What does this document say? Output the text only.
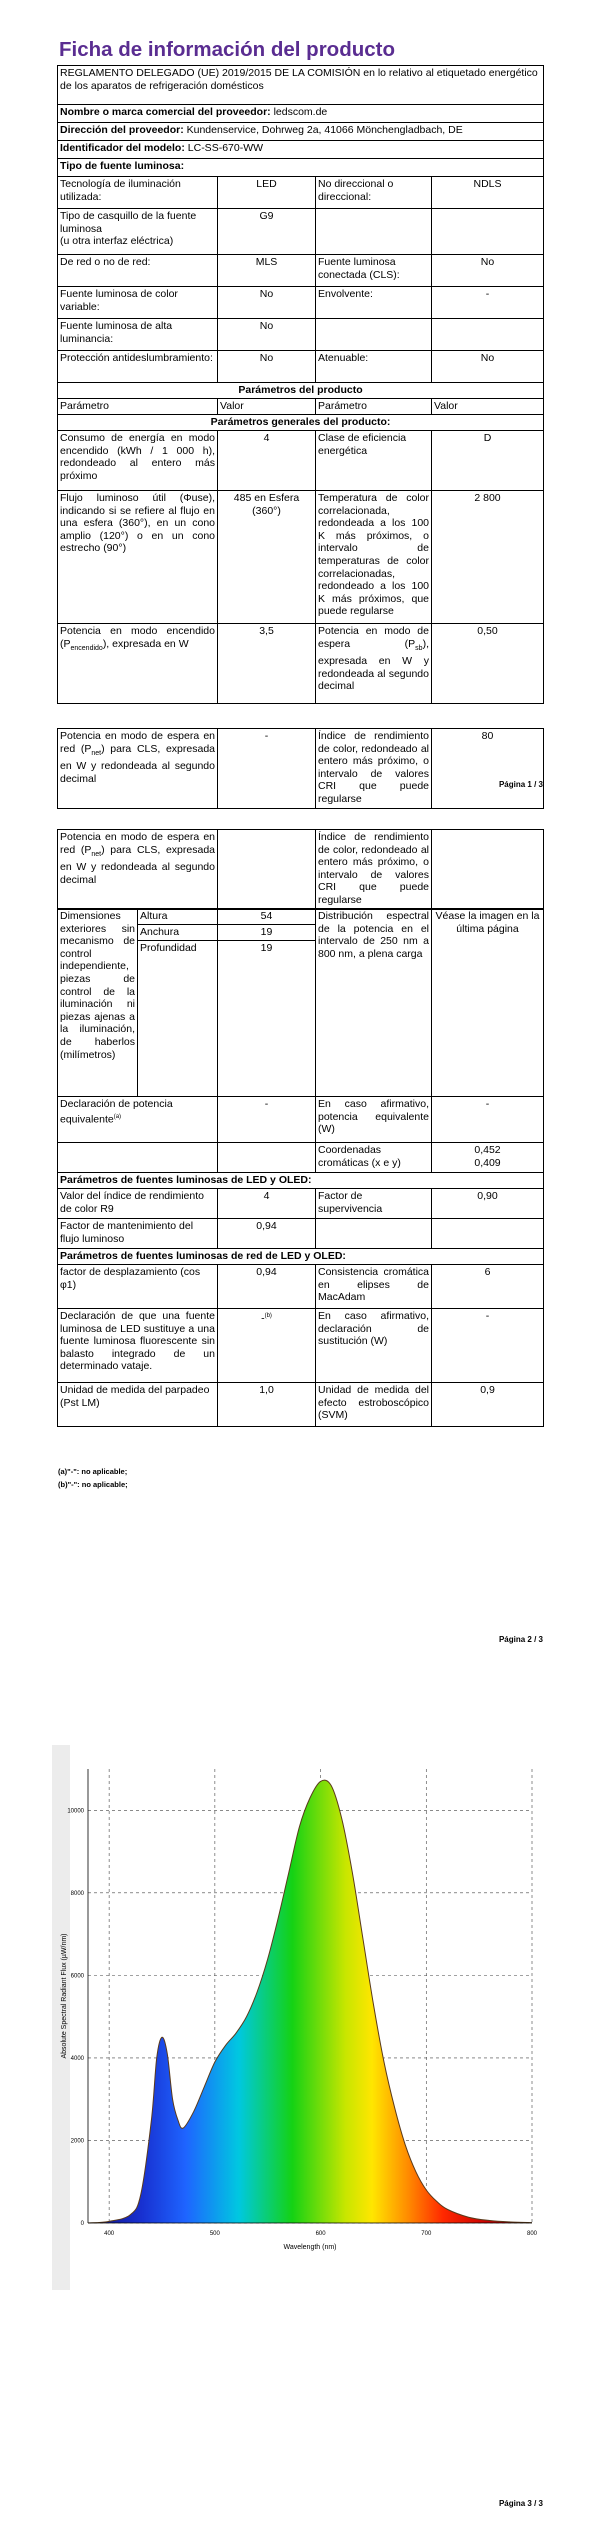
Ficha de información del producto
REGLAMENTO DELEGADO (UE) 2019/2015 DE LA COMISIÓN en lo relativo al etiquetado energético de los aparatos de refrigeración domésticos			
Nombre o marca comercial del proveedor: ledscom.de			
Dirección del proveedor: Kundenservice, Dohrweg 2a, 41066 Mönchengladbach, DE			
Identificador del modelo: LC-SS-670-WW			
Tipo de fuente luminosa:			
Tecnología de iluminación utilizada:	LED	No direccional o direccional:	NDLS
Tipo de casquillo de la fuente luminosa
(u otra interfaz eléctrica)	G9		
De red o no de red:	MLS	Fuente luminosa conectada (CLS):	No
Fuente luminosa de color variable:	No	Envolvente:	-
Fuente luminosa de alta luminancia:	No		
Protección antideslumbramiento:	No	Atenuable:	No
Parámetros del producto			
Parámetro	Valor	Parámetro	Valor
Parámetros generales del producto:			
Consumo de energía en modo encendido (kWh / 1 000 h), redondeado al entero más próximo	4	Clase de eficiencia energética	D
Flujo luminoso útil (Φuse), indicando si se refiere al flujo en una esfera (360°), en un cono amplio (120°) o en un cono estrecho (90°)	485 en Esfera (360°)	Temperatura de color correlacionada, redondeada a los 100 K más próximos, o intervalo de temperaturas de color correlacionadas, redondeado a los 100 K más próximos, que puede regularse	2 800
Potencia en modo encendido $(P_{encendido})$, expresada en W	3,5	Potencia en modo de espera $(P_{sb})$, expresada en W y redondeada al segundo decimal	0,50
Potencia en modo de espera en red $(P_{net})$ para CLS, expresada en W y redondeada al segundo decimal	-	Índice de rendimiento de color, redondeado al entero más próximo, o intervalo de valores CRI que puede regularse	80
Página 1 / 3
Potencia en modo de espera en red $(P_{net})$ para CLS, expresada en W y redondeada al segundo decimal		Índice de rendimiento de color, redondeado al entero más próximo, o intervalo de valores CRI que puede regularse	
Dimensiones exteriores sin mecanismo de control independiente, piezas de control de la iluminación ni piezas ajenas a la iluminación, de haberlos (milímetros)	Altura	54	Distribución espectral de la potencia en el intervalo de 250 nm a 800 nm, a plena carga	Véase la imagen en la última página
	Anchura	19		
	Profundidad	19		
Declaración de potencia equivalente$^{(a)}$		-	En caso afirmativo, potencia equivalente (W)	-
			Coordenadas cromáticas (x e y)	0,452
0,409
Parámetros de fuentes luminosas de LED y OLED:				
Valor del índice de rendimiento de color R9		4	Factor de supervivencia	0,90
Factor de mantenimiento del flujo luminoso		0,94		
Parámetros de fuentes luminosas de red de LED y OLED:				
factor de desplazamiento (cos φ1)		0,94	Consistencia cromática en elipses de MacAdam	6
Declaración de que una fuente luminosa de LED sustituye a una fuente luminosa fluorescente sin balasto integrado de un determinado vataje.		-$^{(b)}$	En caso afirmativo, declaración de sustitución (W)	-
Unidad de medida del parpadeo (Pst LM)		1,0	Unidad de medida del efecto estroboscópico (SVM)	0,9
(a)"-": no aplicable;
(b)"-": no aplicable;
Página 2 / 3
400	500	600	700	800
0
2000
4000
6000
8000
10000
Wavelength (nm)
Absolute Spectral Radiant Flux (µW/nm)
Página 3 / 3
